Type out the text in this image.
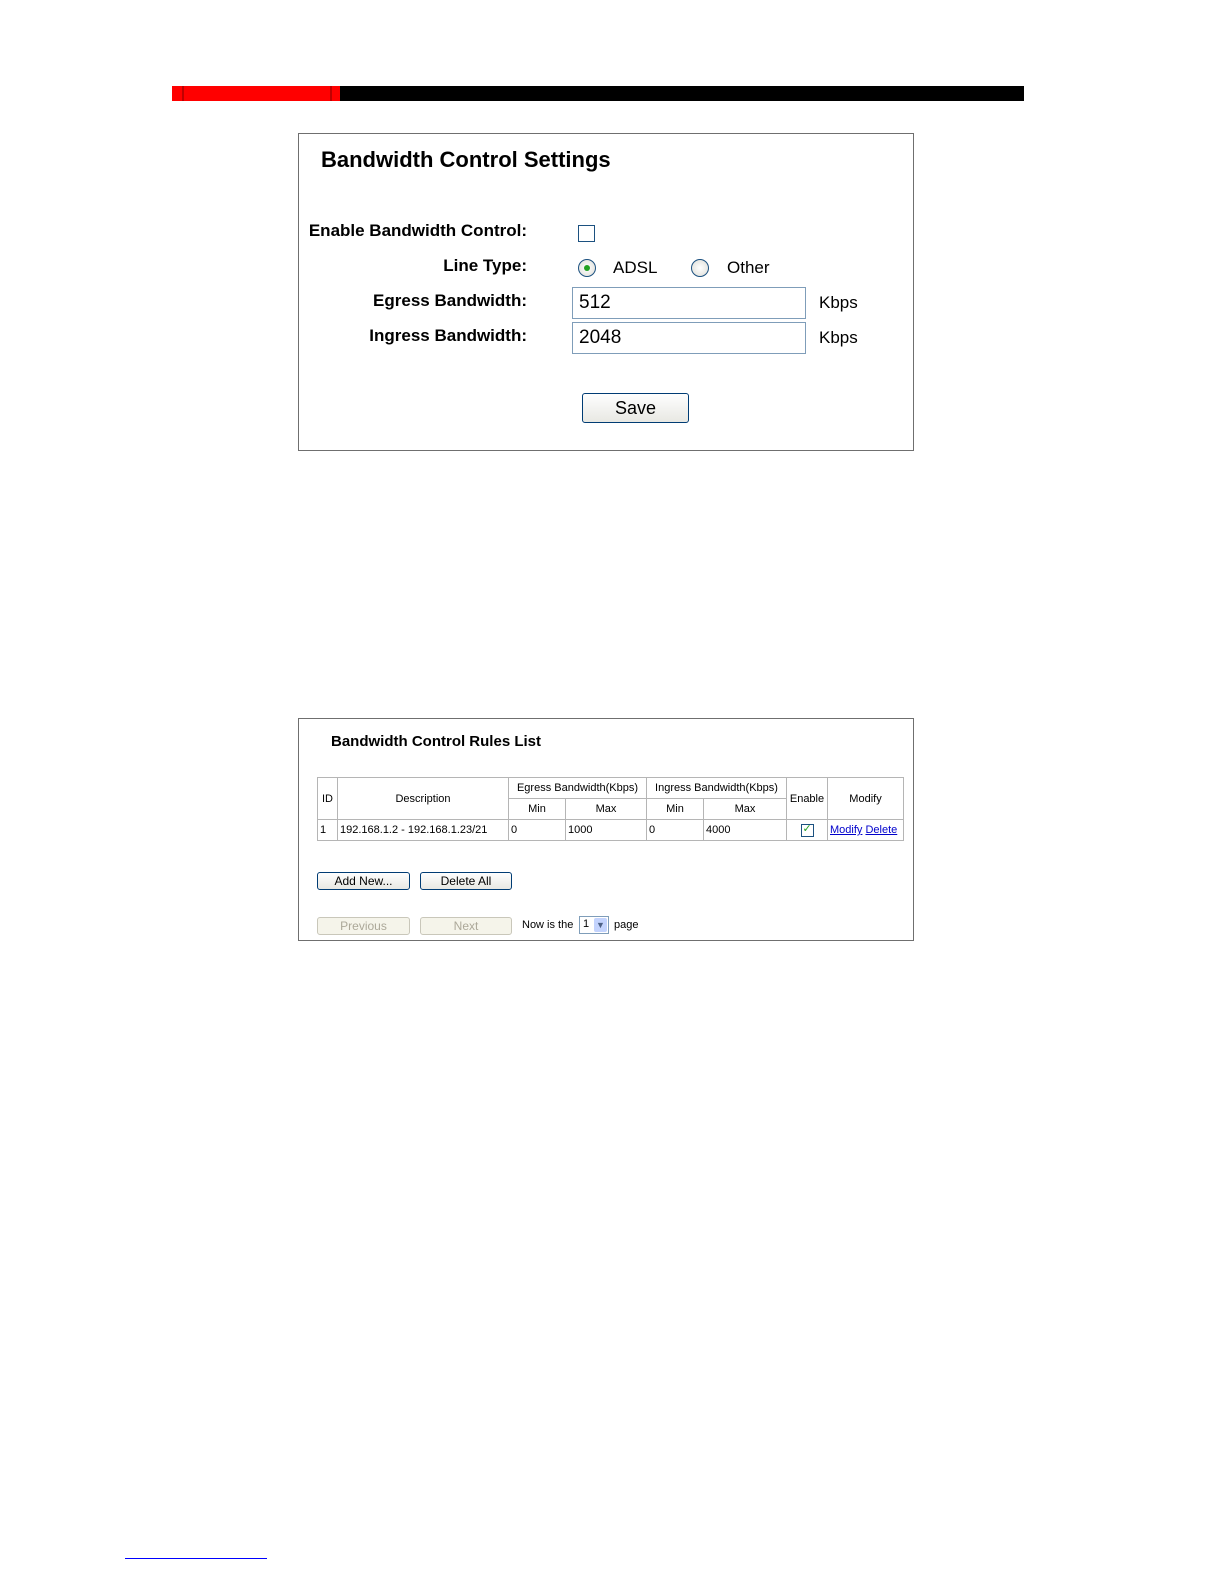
Bandwidth Control Settings
Enable Bandwidth Control:
Line Type:	ADSL	Other
Egress Bandwidth:
512	Kbps
Ingress Bandwidth:
2048	Kbps
Save
Bandwidth Control Rules List
ID	Description	Egress Bandwidth(Kbps)		Ingress Bandwidth(Kbps)		Enable	Modify
		Min	Max	Min	Max		
1	192.168.1.2 - 192.168.1.23/21	0	1000	0	4000	✓	Modify Delete
Add New...	Delete All
Previous	Next	Now is the 1 ▼ page
